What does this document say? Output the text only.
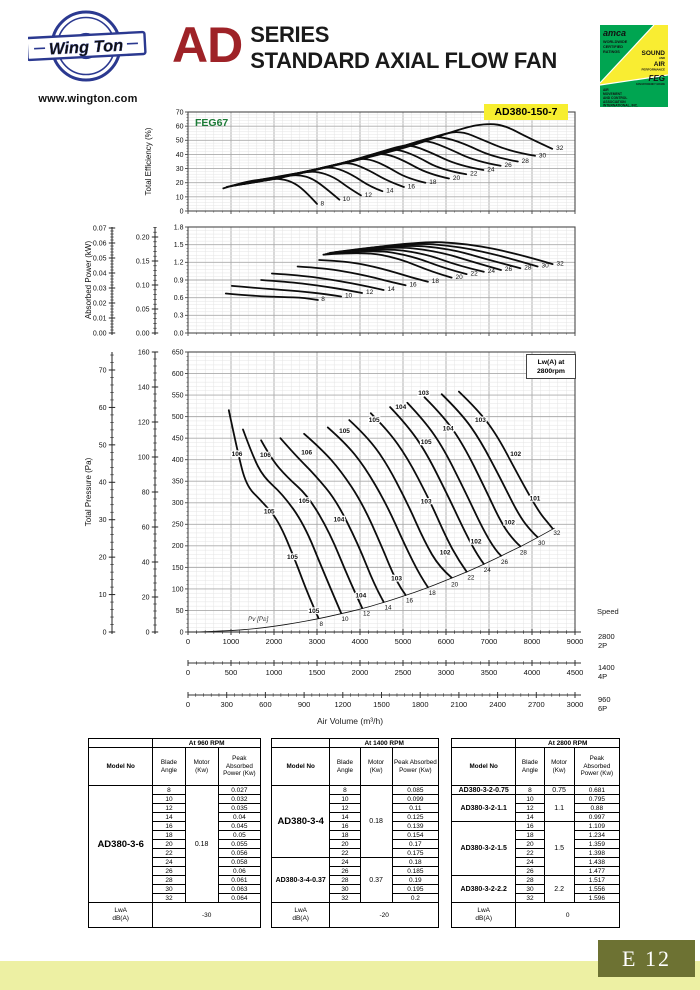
Wing Ton
www.wington.com
AD SERIES
STANDARD AXIAL FLOW FAN
amca
WORLDWIDE
CERTIFIED
RATINGS	SOUND
AND
AIR
PERFORMANCE
FEG
FAN EFFICIENCY GRADE
AIR
MOVEMENT
AND CONTROL
ASSOCIATION
INTERNATIONAL, INC.
Total Efficiency (%)
0
10
20
30
40
50
60
70
8
10
12
14
16
18
20
22
24
26
28
30
32
Absorbed Power (kW)
0.0
0.3
0.6
0.9
1.2
1.5
1.8
0.00
0.01
0.02
0.03
0.04
0.05
0.06
0.07
0.00
0.05
0.10
0.15
0.20
8	10
12 14
16
18
20
22 24 26 28 30 32
Total Pressure (Pa)
Pv [Pa]
0
50
100
150
200
250
300
350
400
450
500
550
600
650
0
10
20
30
40
50
60
70
0
20
40
60
80
100
120
140
160
8
10
12
14
16
18
20
22
24
26
28
30
32
106	106	106
105
105
104
103
104
103
102
101
105
105
105
105
105
104
104
103
103
102
102
102
0	1000	2000	3000	4000	5000	6000	7000	8000	9000
2800
2P
0	500	1000	1500	2000	2500	3000	3500	4000	4500
1400
4P
0	300	600	900	1200	1500	1800	2100	2400	2700	3000
960
6P
FEG67
AD380-150-7
Lw(A) at
2800rpm
Air Volume (m³/h)
Speed
E 12
	At 960 RPM		
Model No	Blade Angle	Motor (Kw)	Peak Absorbed Power (Kw)
AD380-3-6	8	0.18	0.027
	10		0.032
	12		0.035
	14		0.04
	16		0.045
	18		0.05
	20		0.055
	22		0.056
	24		0.058
	26		0.06
	28		0.061
	30		0.063
	32		0.064
LwA
dB(A)	-30		
	At 1400 RPM		
Model No	Blade Angle	Motor (Kw)	Peak Absorbed Power (Kw)
AD380-3-4	8	0.18	0.085
	10		0.099
	12		0.11
	14		0.125
	16		0.139
	18		0.154
	20		0.17
	22		0.175
AD380-3-4-0.37	24	0.37	0.18
	26		0.185
	28		0.19
	30		0.195
	32		0.2
LwA
dB(A)	-20		
	At 2800 RPM		
Model No	Blade Angle	Motor (Kw)	Peak Absorbed Power (Kw)
AD380-3-2-0.75	8	0.75	0.681
AD380-3-2-1.1	10	1.1	0.795
	12		0.88
	14		0.997
AD380-3-2-1.5	16	1.5	1.109
	18		1.234
	20		1.359
	22		1.398
	24		1.438
	26		1.477
AD380-3-2-2.2	28	2.2	1.517
	30		1.556
	32		1.596
LwA
dB(A)	0		
